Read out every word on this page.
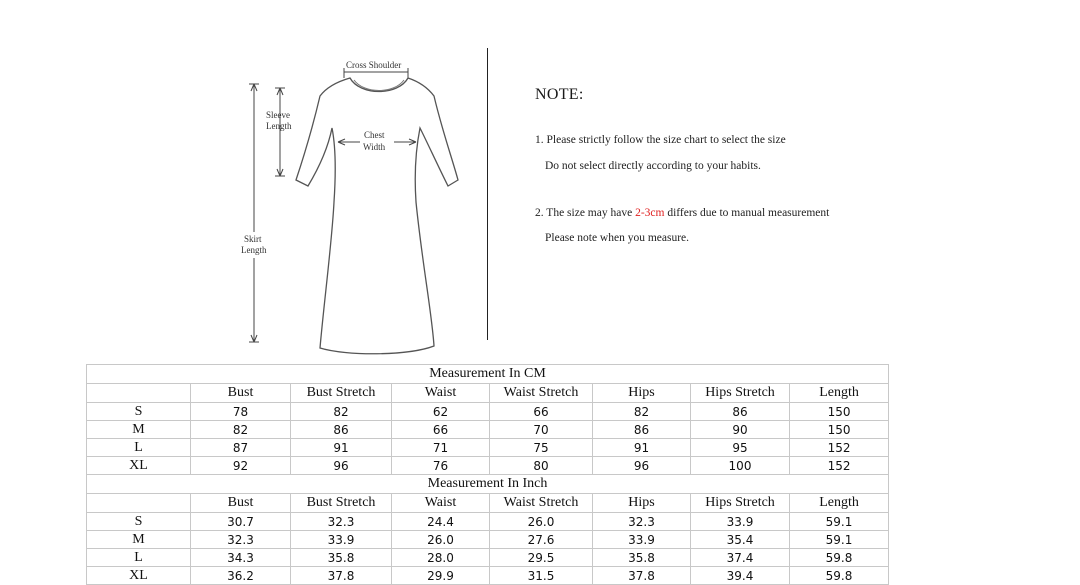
Cross Shoulder
Sleeve
Length
Chest
Width
Skirt
Length
NOTE:
1. Please strictly follow the size chart to select the size
Do not select directly according to your habits.
2. The size may have 2-3cm differs due to manual measurement
Please note when you measure.
Measurement In CM							
	Bust	Bust Stretch	Waist	Waist Stretch	Hips	Hips Stretch	Length
S	78	82	62	66	82	86	150
M	82	86	66	70	86	90	150
L	87	91	71	75	91	95	152
XL	92	96	76	80	96	100	152
Measurement In Inch							
	Bust	Bust Stretch	Waist	Waist Stretch	Hips	Hips Stretch	Length
S	30.7	32.3	24.4	26.0	32.3	33.9	59.1
M	32.3	33.9	26.0	27.6	33.9	35.4	59.1
L	34.3	35.8	28.0	29.5	35.8	37.4	59.8
XL	36.2	37.8	29.9	31.5	37.8	39.4	59.8
